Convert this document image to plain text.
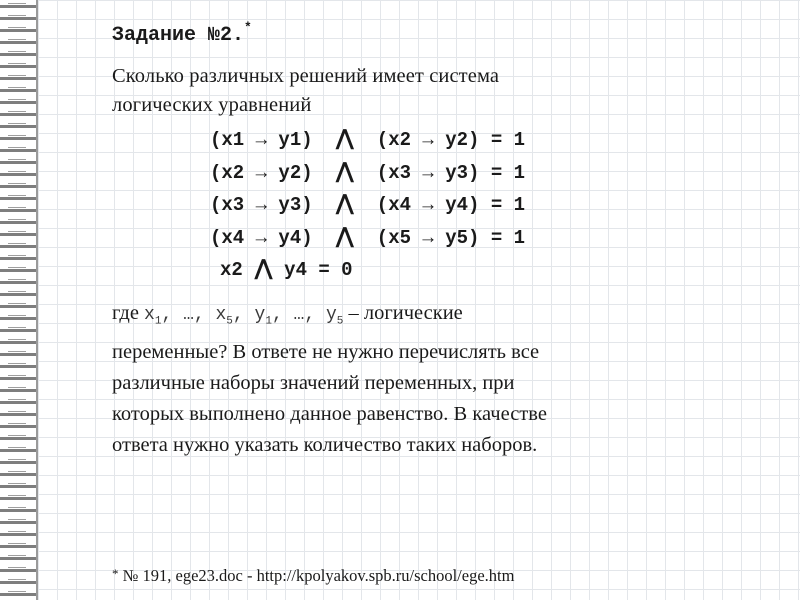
Задание №2.*
Сколько различных решений имеет система
логических уравнений
(x1 → y1) ⋀ (x2 → y2) = 1
(x2 → y2) ⋀ (x3 → y3) = 1
(x3 → y3) ⋀ (x4 → y4) = 1
(x4 → y4) ⋀ (x5 → y5) = 1
x2 ⋀ y4 = 0
где $x_1$, …, $x_5$, $y_1$, …, $y_5$ – логические
переменные? В ответе не нужно перечислять все
различные наборы значений переменных, при
которых выполнено данное равенство. В качестве
ответа нужно указать количество таких наборов.
* № 191, ege23.doc - http://kpolyakov.spb.ru/school/ege.htm
